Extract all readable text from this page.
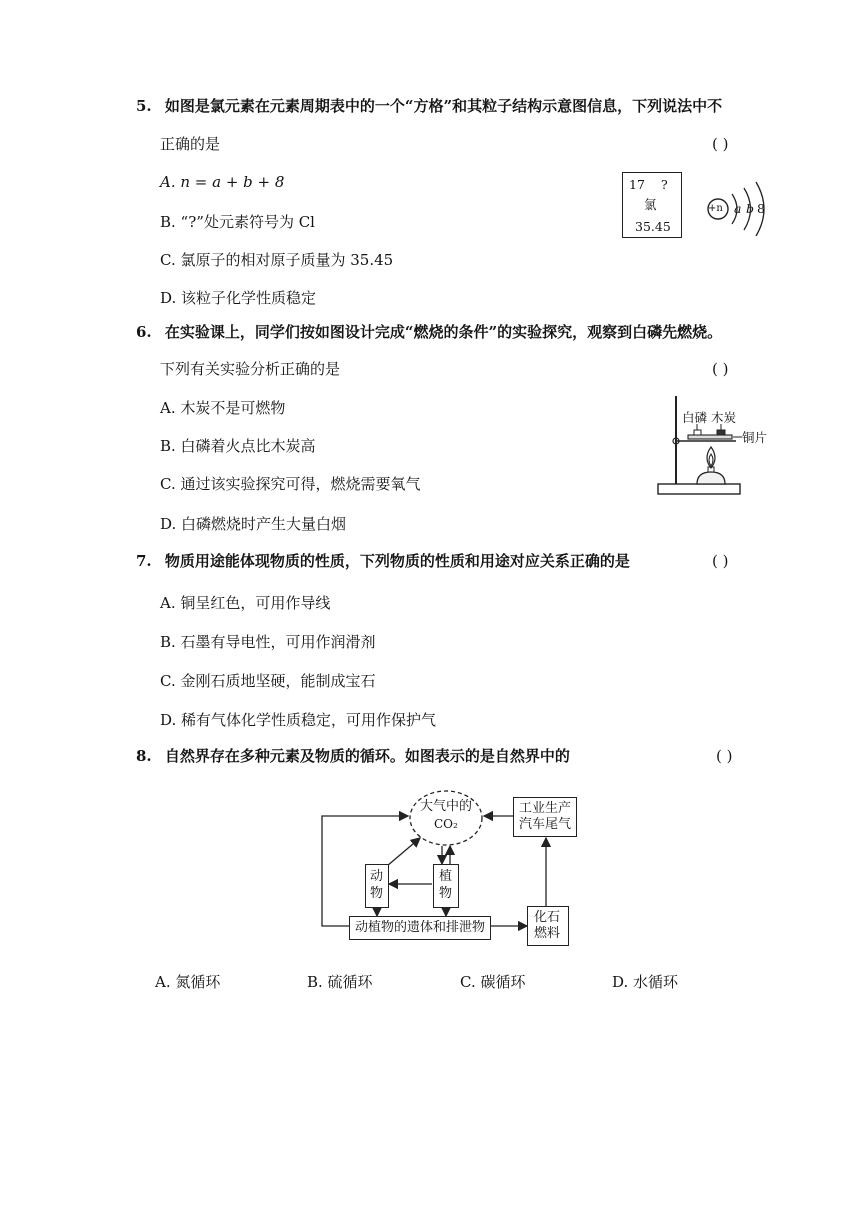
5. 如图是氯元素在元素周期表中的一个“方格”和其粒子结构示意图信息，下列说法中不
正确的是	( )
A. n = a + b + 8
B. “?”处元素符号为 Cl
C. 氯原子的相对原子质量为 35.45
D. 该粒子化学性质稳定
17 ?
氯
35.45
+n a b 8
6. 在实验课上，同学们按如图设计完成“燃烧的条件”的实验探究，观察到白磷先燃烧。
下列有关实验分析正确的是	( )
A. 木炭不是可燃物
B. 白磷着火点比木炭高
C. 通过该实验探究可得，燃烧需要氧气
D. 白磷燃烧时产生大量白烟
白磷 木炭
铜片
7. 物质用途能体现物质的性质，下列物质的性质和用途对应关系正确的是	( )
A. 铜呈红色，可用作导线
B. 石墨有导电性，可用作润滑剂
C. 金刚石质地坚硬，能制成宝石
D. 稀有气体化学性质稳定，可用作保护气
8. 自然界存在多种元素及物质的循环。如图表示的是自然界中的	( )
大气中的
CO₂
工业生产
汽车尾气
动
物
植
物
动植物的遗体和排泄物
化石
燃料
A. 氮循环	B. 硫循环	C. 碳循环	D. 水循环
